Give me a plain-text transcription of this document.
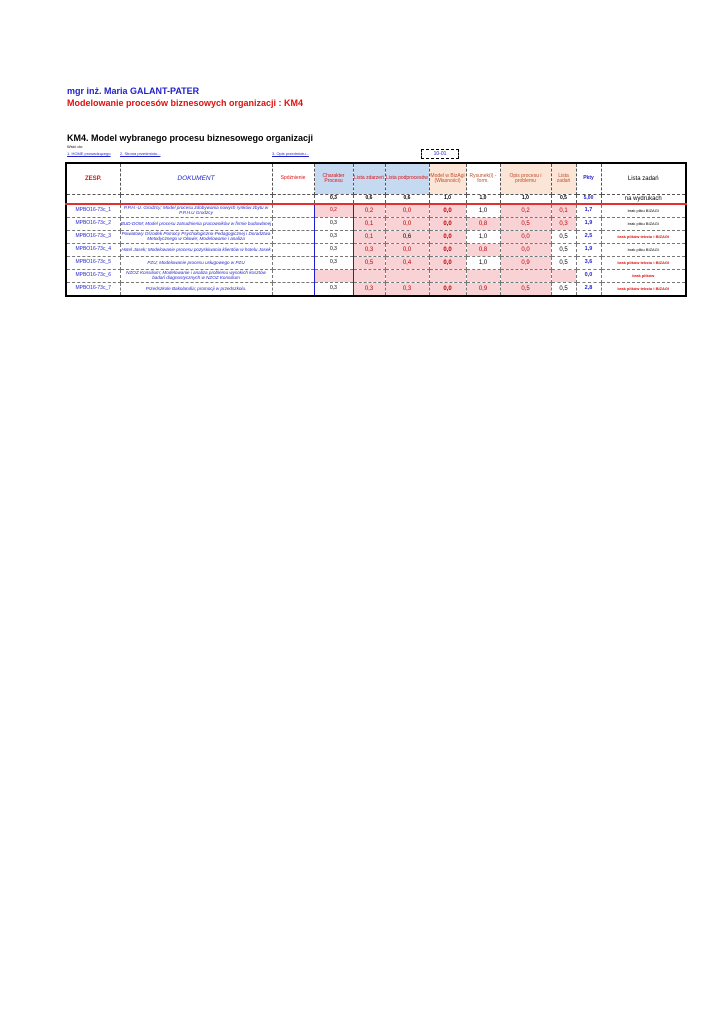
mgr inż. Maria GALANT-PATER
Modelowanie procesów biznesowych organizacji : KM4
KM4. Model wybranego procesu biznesowego organizacji
Wróć do:
1. HOME prowadzącego 2. Strona przedmiotu...	3. Opis przedmiotu...	10-01
ZESP.	DOKUMENT	Spóźnienie	Charakter Procesu	Lista zdarzeń	Lista podprocesów	Model w BizAgi (Własności)	Rysunek(i) - form.	Opis procesu i problemu	Lista zadań	Pkty	Lista zadań
			0,3	0,6	0,6	1,0	1,0	1,0	0,5	5,00	na wydrukach
MPBO16-73c_1	P.P.H.-U. Grodzcy; Model procesu zdobywania nowych rynków zbytu w P.P.H.U Grodzcy		0,2	0,2	0,0	0,0	1,0	0,2	0,1	1,7	brak pliku BIZAGI
MPBO16-73c_2	BUD-DOM; Model procesu zatrudnienia pracowników w firmie budowlanej		0,3	0,1	0,0	0,0	0,8	0,5	0,3	1,9	brak pliku BIZAGI
MPBO16-73c_3	Powiatowy Ośrodek Pomocy Psychologiczno-Pedagogicznej i Doradztwa Metodycznego w Oławie; Modelowanie i analiza		0,3	0,1	0,6	0,0	1,0	0,0	0,5	2,5	brak plików tekstu i BIZAGI
MPBO16-73c_4	Hotel Jasek; Modelowanie procesu pozyskiwania klientów w hotelu Jasek		0,3	0,3	0,0	0,0	0,8	0,0	0,5	1,9	brak pliku BIZAGI
MPBO16-73c_5	PZU; Modelowanie procesu usługowego w PZU		0,3	0,5	0,4	0,0	1,0	0,9	0,5	3,6	brak plików tekstu i BIZAGI
MPBO16-73c_6	NZOZ Konsilium; Modelowanie i analiza problemu wysokich kosztów badań diagnostycznych w NZOZ Konsilium									0,0	brak plików
MPBO16-73c_7	Przedszkole Bakolandia; promocji w przedszkolu.		0,3	0,3	0,3	0,0	0,9	0,5	0,5	2,8	brak plików tekstu i BIZAGI
